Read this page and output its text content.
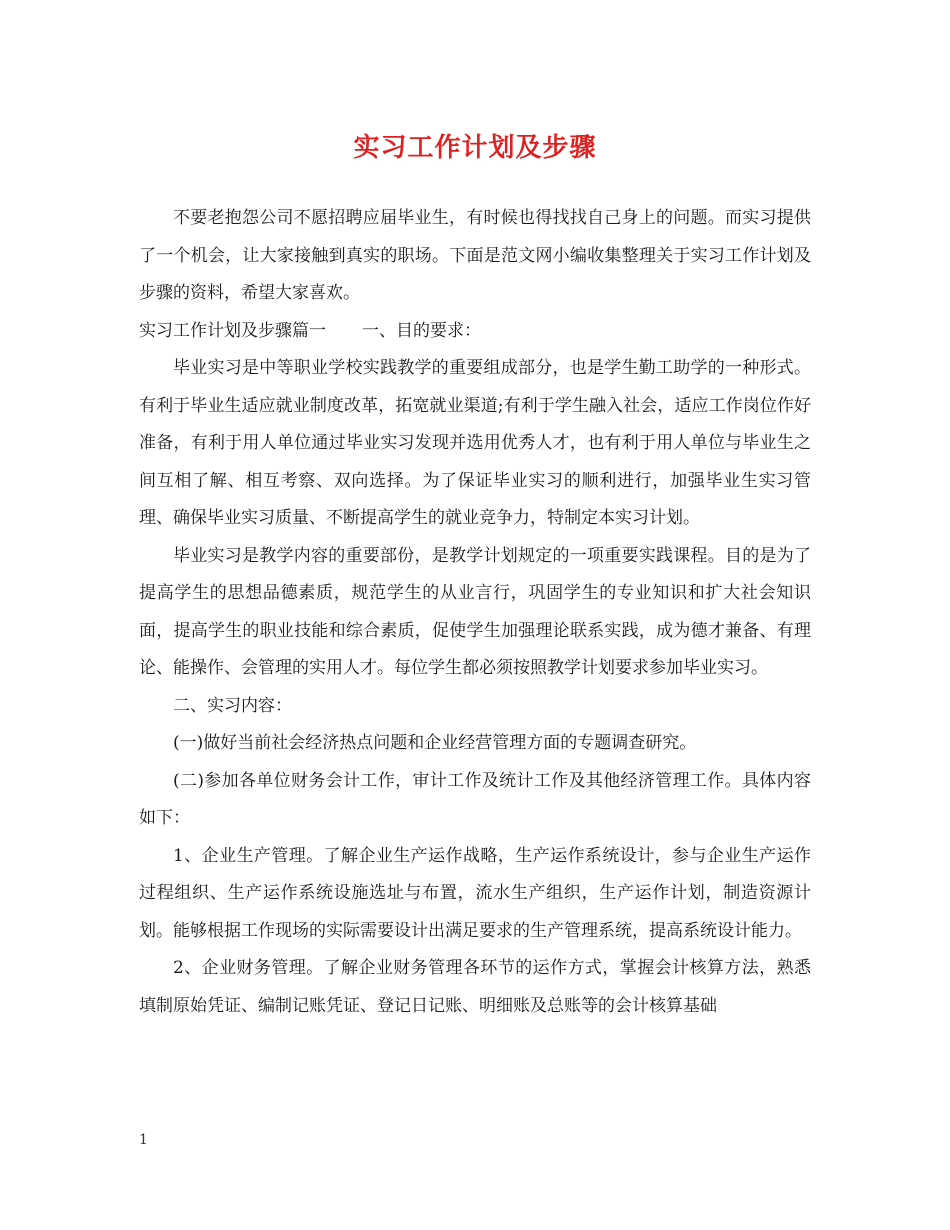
实习工作计划及步骤

不要老抱怨公司不愿招聘应届毕业生，有时候也得找找自己身上的问题。而实习提供了一个机会，让大家接触到真实的职场。下面是范文网小编收集整理关于实习工作计划及步骤的资料，希望大家喜欢。

实习工作计划及步骤篇一 一、目的要求：

毕业实习是中等职业学校实践教学的重要组成部分，也是学生勤工助学的一种形式。有利于毕业生适应就业制度改革，拓宽就业渠道;有利于学生融入社会，适应工作岗位作好准备，有利于用人单位通过毕业实习发现并选用优秀人才，也有利于用人单位与毕业生之间互相了解、相互考察、双向选择。为了保证毕业实习的顺利进行，加强毕业生实习管理、确保毕业实习质量、不断提高学生的就业竞争力，特制定本实习计划。

毕业实习是教学内容的重要部份，是教学计划规定的一项重要实践课程。目的是为了提高学生的思想品德素质，规范学生的从业言行，巩固学生的专业知识和扩大社会知识面，提高学生的职业技能和综合素质，促使学生加强理论联系实践，成为德才兼备、有理论、能操作、会管理的实用人才。每位学生都必须按照教学计划要求参加毕业实习。

二、实习内容：

(一)做好当前社会经济热点问题和企业经营管理方面的专题调查研究。

(二)参加各单位财务会计工作，审计工作及统计工作及其他经济管理工作。具体内容如下：

1、企业生产管理。了解企业生产运作战略，生产运作系统设计，参与企业生产运作过程组织、生产运作系统设施选址与布置，流水生产组织，生产运作计划，制造资源计划。能够根据工作现场的实际需要设计出满足要求的生产管理系统，提高系统设计能力。

2、企业财务管理。了解企业财务管理各环节的运作方式，掌握会计核算方法，熟悉填制原始凭证、编制记账凭证、登记日记账、明细账及总账等的会计核算基础

1
